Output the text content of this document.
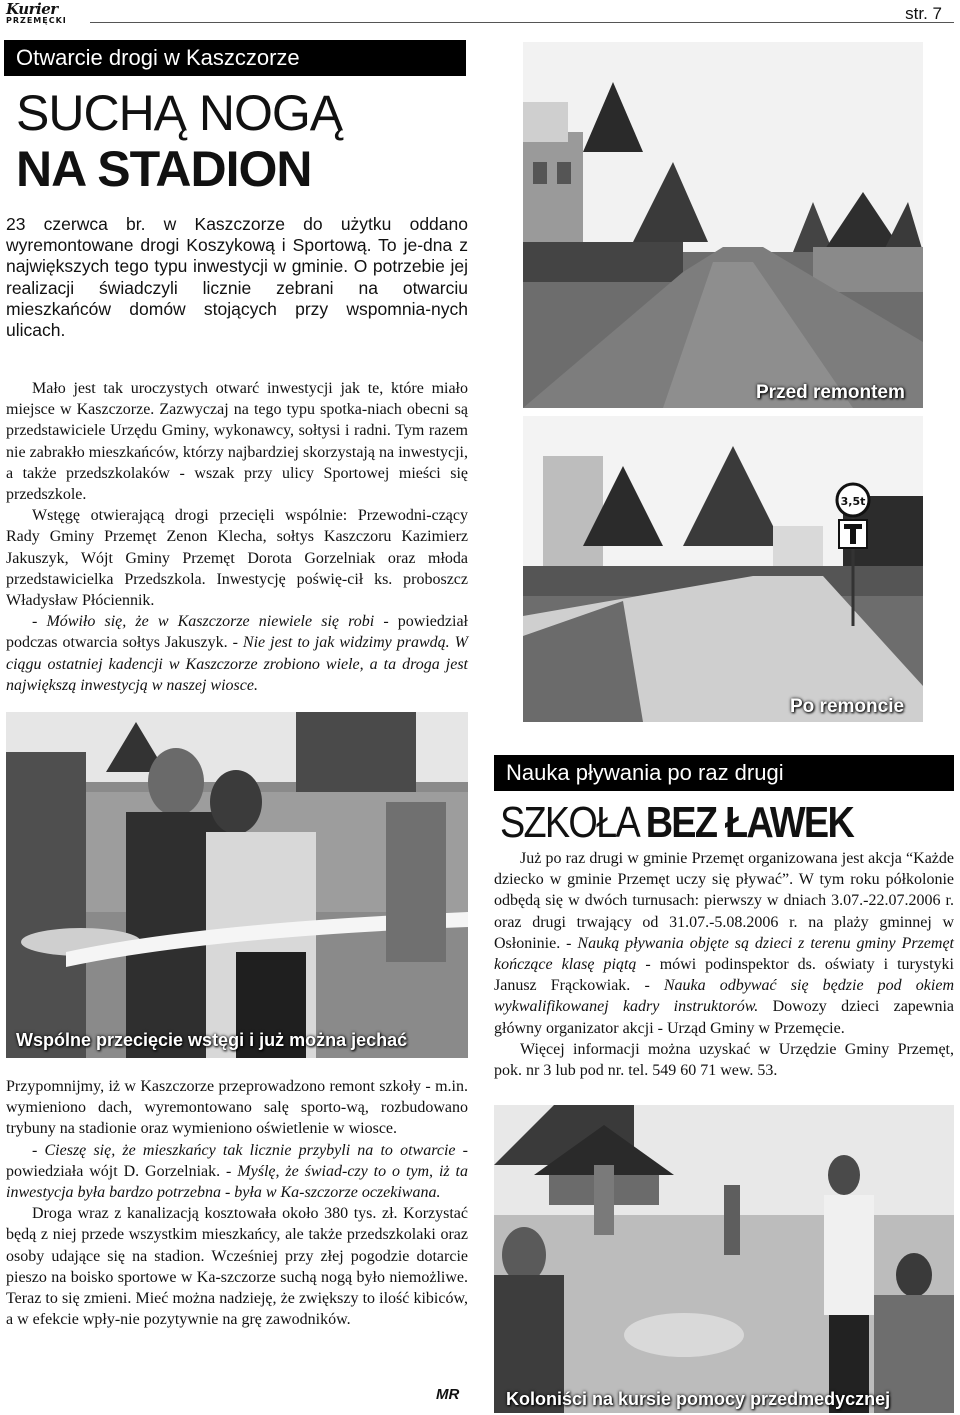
Kurier
PRZEMĘCKI	str. 7
Otwarcie drogi w Kaszczorze
SUCHĄ NOGĄ
NA STADION
23 czerwca br. w Kaszczorze do użytku oddano wyremontowane drogi Koszykową i Sportową. To je-dna z największych tego typu inwestycji w gminie. O potrzebie jej realizacji świadczyli licznie zebrani na otwarciu mieszkańców domów stojących przy wspomnia-nych ulicach.

Mało jest tak uroczystych otwarć inwestycji jak te, które miało miejsce w Kaszczorze. Zazwyczaj na tego typu spotka-niach obecni są przedstawiciele Urzędu Gminy, wykonawcy, sołtysi i radni. Tym razem nie zabrakło mieszkańców, którzy najbardziej skorzystają na inwestycji, a także przedszkolaków - wszak przy ulicy Sportowej mieści się przedszkole.

Wstęgę otwierającą drogi przecięli wspólnie: Przewodni-czący Rady Gminy Przemęt Zenon Klecha, sołtys Kaszczoru Kazimierz Jakuszyk, Wójt Gminy Przemęt Dorota Gorzelniak oraz młoda przedstawicielka Przedszkola. Inwestycję poświę-cił ks. proboszcz Władysław Płóciennik.

- Mówiło się, że w Kaszczorze niewiele się robi - powiedział podczas otwarcia sołtys Jakuszyk. - Nie jest to jak widzimy prawdą. W ciągu ostatniej kadencji w Kaszczorze zrobiono wiele, a ta droga jest największą inwestycją w naszej wiosce.

Przed remontem
3,5t
Po remoncie
Wspólne przecięcie wstęgi i już można jechać

Przypomnijmy, iż w Kaszczorze przeprowadzono remont szkoły - m.in. wymieniono dach, wyremontowano salę sporto-wą, rozbudowano trybuny na stadionie oraz wymieniono oświetlenie w wiosce.

- Cieszę się, że mieszkańcy tak licznie przybyli na to otwarcie - powiedziała wójt D. Gorzelniak. - Myślę, że świad-czy to o tym, iż ta inwestycja była bardzo potrzebna - była w Ka-szczorze oczekiwana.

Droga wraz z kanalizacją kosztowała około 380 tys. zł. Korzystać będą z niej przede wszystkim mieszkańcy, ale także przedszkolaki oraz osoby udające się na stadion. Wcześniej przy złej pogodzie dotarcie pieszo na boisko sportowe w Ka-szczorze suchą nogą było niemożliwe. Teraz to się zmieni. Mieć można nadzieję, że zwiększy to ilość kibiców, a w efekcie wpły-nie pozytywnie na grę zawodników.

MR
Nauka pływania po raz drugi
SZKOŁA BEZ ŁAWEK

Już po raz drugi w gminie Przemęt organizowana jest akcja “Każde dziecko w gminie Przemęt uczy się pływać”. W tym roku półkolonie odbędą się w dwóch turnusach: pierwszy w dniach 3.07.-22.07.2006 r. oraz drugi trwający od 31.07.-5.08.2006 r. na plaży gminnej w Osłoninie. - Nauką pływania objęte są dzieci z terenu gminy Przemęt kończące klasę piątą - mówi podinspektor ds. oświaty i turystyki Janusz Frąckowiak. - Nauka odbywać się będzie pod okiem wykwalifikowanej kadry instruktorów. Dowozy dzieci zapewnia główny organizator akcji - Urząd Gminy w Przemęcie.

Więcej informacji można uzyskać w Urzędzie Gminy Przemęt, pok. nr 3 lub pod nr. tel. 549 60 71 wew. 53.

Koloniści na kursie pomocy przedmedycznej
